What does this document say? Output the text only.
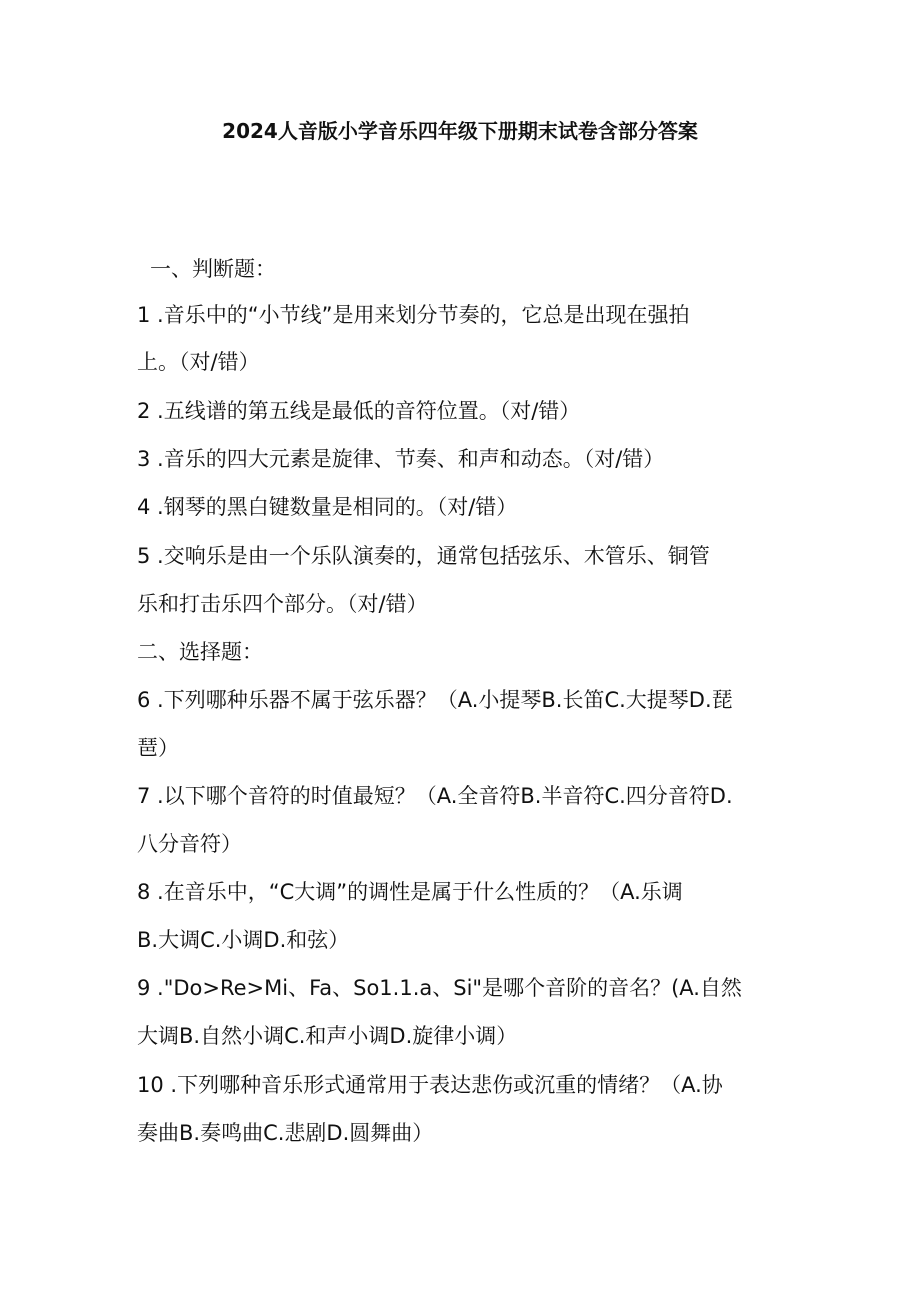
2024人音版小学音乐四年级下册期末试卷含部分答案
一、判断题：
1 .音乐中的“小节线”是用来划分节奏的，它总是出现在强拍
上。（对/错）
2 .五线谱的第五线是最低的音符位置。（对/错）
3 .音乐的四大元素是旋律、节奏、和声和动态。（对/错）
4 .钢琴的黑白键数量是相同的。（对/错）
5 .交响乐是由一个乐队演奏的，通常包括弦乐、木管乐、铜管
乐和打击乐四个部分。（对/错）
二、选择题：
6 .下列哪种乐器不属于弦乐器？（A.小提琴B.长笛C.大提琴D.琵
琶）
7 .以下哪个音符的时值最短？（A.全音符B.半音符C.四分音符D.
八分音符）
8 .在音乐中，“C大调”的调性是属于什么性质的？（A.乐调
B.大调C.小调D.和弦）
9 ."Do>Re>Mi、Fa、So1.1.a、Si"是哪个音阶的音名？(A.自然
大调B.自然小调C.和声小调D.旋律小调）
10 .下列哪种音乐形式通常用于表达悲伤或沉重的情绪？（A.协
奏曲B.奏鸣曲C.悲剧D.圆舞曲）
